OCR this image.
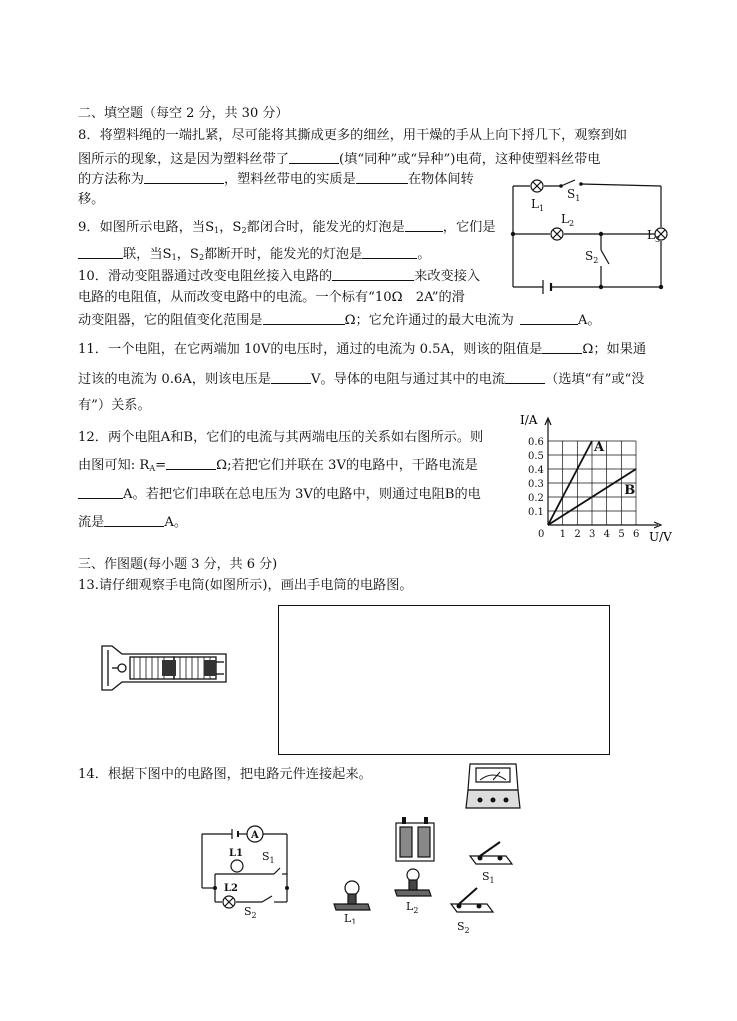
二、填空题（每空 2 分，共 30 分）
8．将塑料绳的一端扎紧，尽可能将其撕成更多的细丝，用干燥的手从上向下捋几下，观察到如
图所示的现象，这是因为塑料丝带了	(填“同种”或“异种”)电荷，这种使塑料丝带电
的方法称为	，塑料丝带电的实质是	在物体间转
移。
9．如图所示电路，当$S_1$，$S_2$都闭合时，能发光的灯泡是	，它们是
联，当$S_1$，$S_2$都断开时，能发光的灯泡是	。
10．滑动变阻器通过改变电阻丝接入电路的	来改变接入
电路的电阻值，从而改变电路中的电流。一个标有“10Ω　2A”的滑
动变阻器，它的阻值变化范围是	Ω；它允许通过的最大电流为	A。
11．一个电阻，在它两端加 10V的电压时，通过的电流为 0.5A，则该的阻值是	Ω；如果通
过该的电流为 0.6A，则该电压是	V。导体的电阻与通过其中的电流	（选填“有”或“没
有”）关系。
12．两个电阻A和B，它们的电流与其两端电压的关系如右图所示。则
由图可知: $R_A=$	Ω;若把它们并联在 3V的电路中，干路电流是
A。若把它们串联在总电压为 3V的电路中，则通过电阻B的电
流是	A。
$L_1$
$S_1$
$L_2$
$S_2$
$L_3$
A
B
0 1 2 3 4 5 6
0.1
0.2
0.3
0.4
0.5
0.6
I/A
U/V
三、作图题(每小题 3 分，共 6 分)
13.请仔细观察手电筒(如图所示)，画出手电筒的电路图。
14．根据下图中的电路图，把电路元件连接起来。
A
L1
L2
$S_1$
$S_2$
$S_1$
$L_1$
$L_2$
$S_2$
